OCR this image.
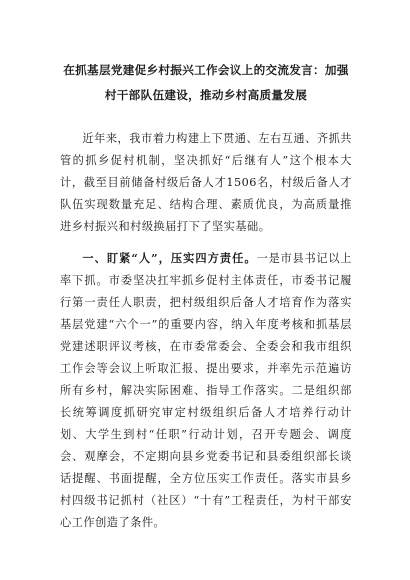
在抓基层党建促乡村振兴工作会议上的交流发言：加强村干部队伍建设，推动乡村高质量发展

近年来，我市着力构建上下贯通、左右互通、齐抓共管的抓乡促村机制，坚决抓好“后继有人”这个根本大计，截至目前储备村级后备人才1506名，村级后备人才队伍实现数量充足、结构合理、素质优良，为高质量推进乡村振兴和村级换届打下了坚实基础。

一、盯紧“人”，压实四方责任。一是市县书记以上率下抓。市委坚决扛牢抓乡促村主体责任，市委书记履行第一责任人职责，把村级组织后备人才培育作为落实基层党建“六个一”的重要内容，纳入年度考核和抓基层党建述职评议考核，在市委常委会、全委会和我市组织工作会等会议上听取汇报、提出要求，并率先示范遍访所有乡村，解决实际困难、指导工作落实。二是组织部长统筹调度抓研究审定村级组织后备人才培养行动计划、大学生到村“任职”行动计划，召开专题会、调度会、观摩会，不定期向县乡党委书记和县委组织部长谈话提醒、书面提醒，全方位压实工作责任。落实市县乡村四级书记抓村（社区）“十有”工程责任，为村干部安心工作创造了条件。
